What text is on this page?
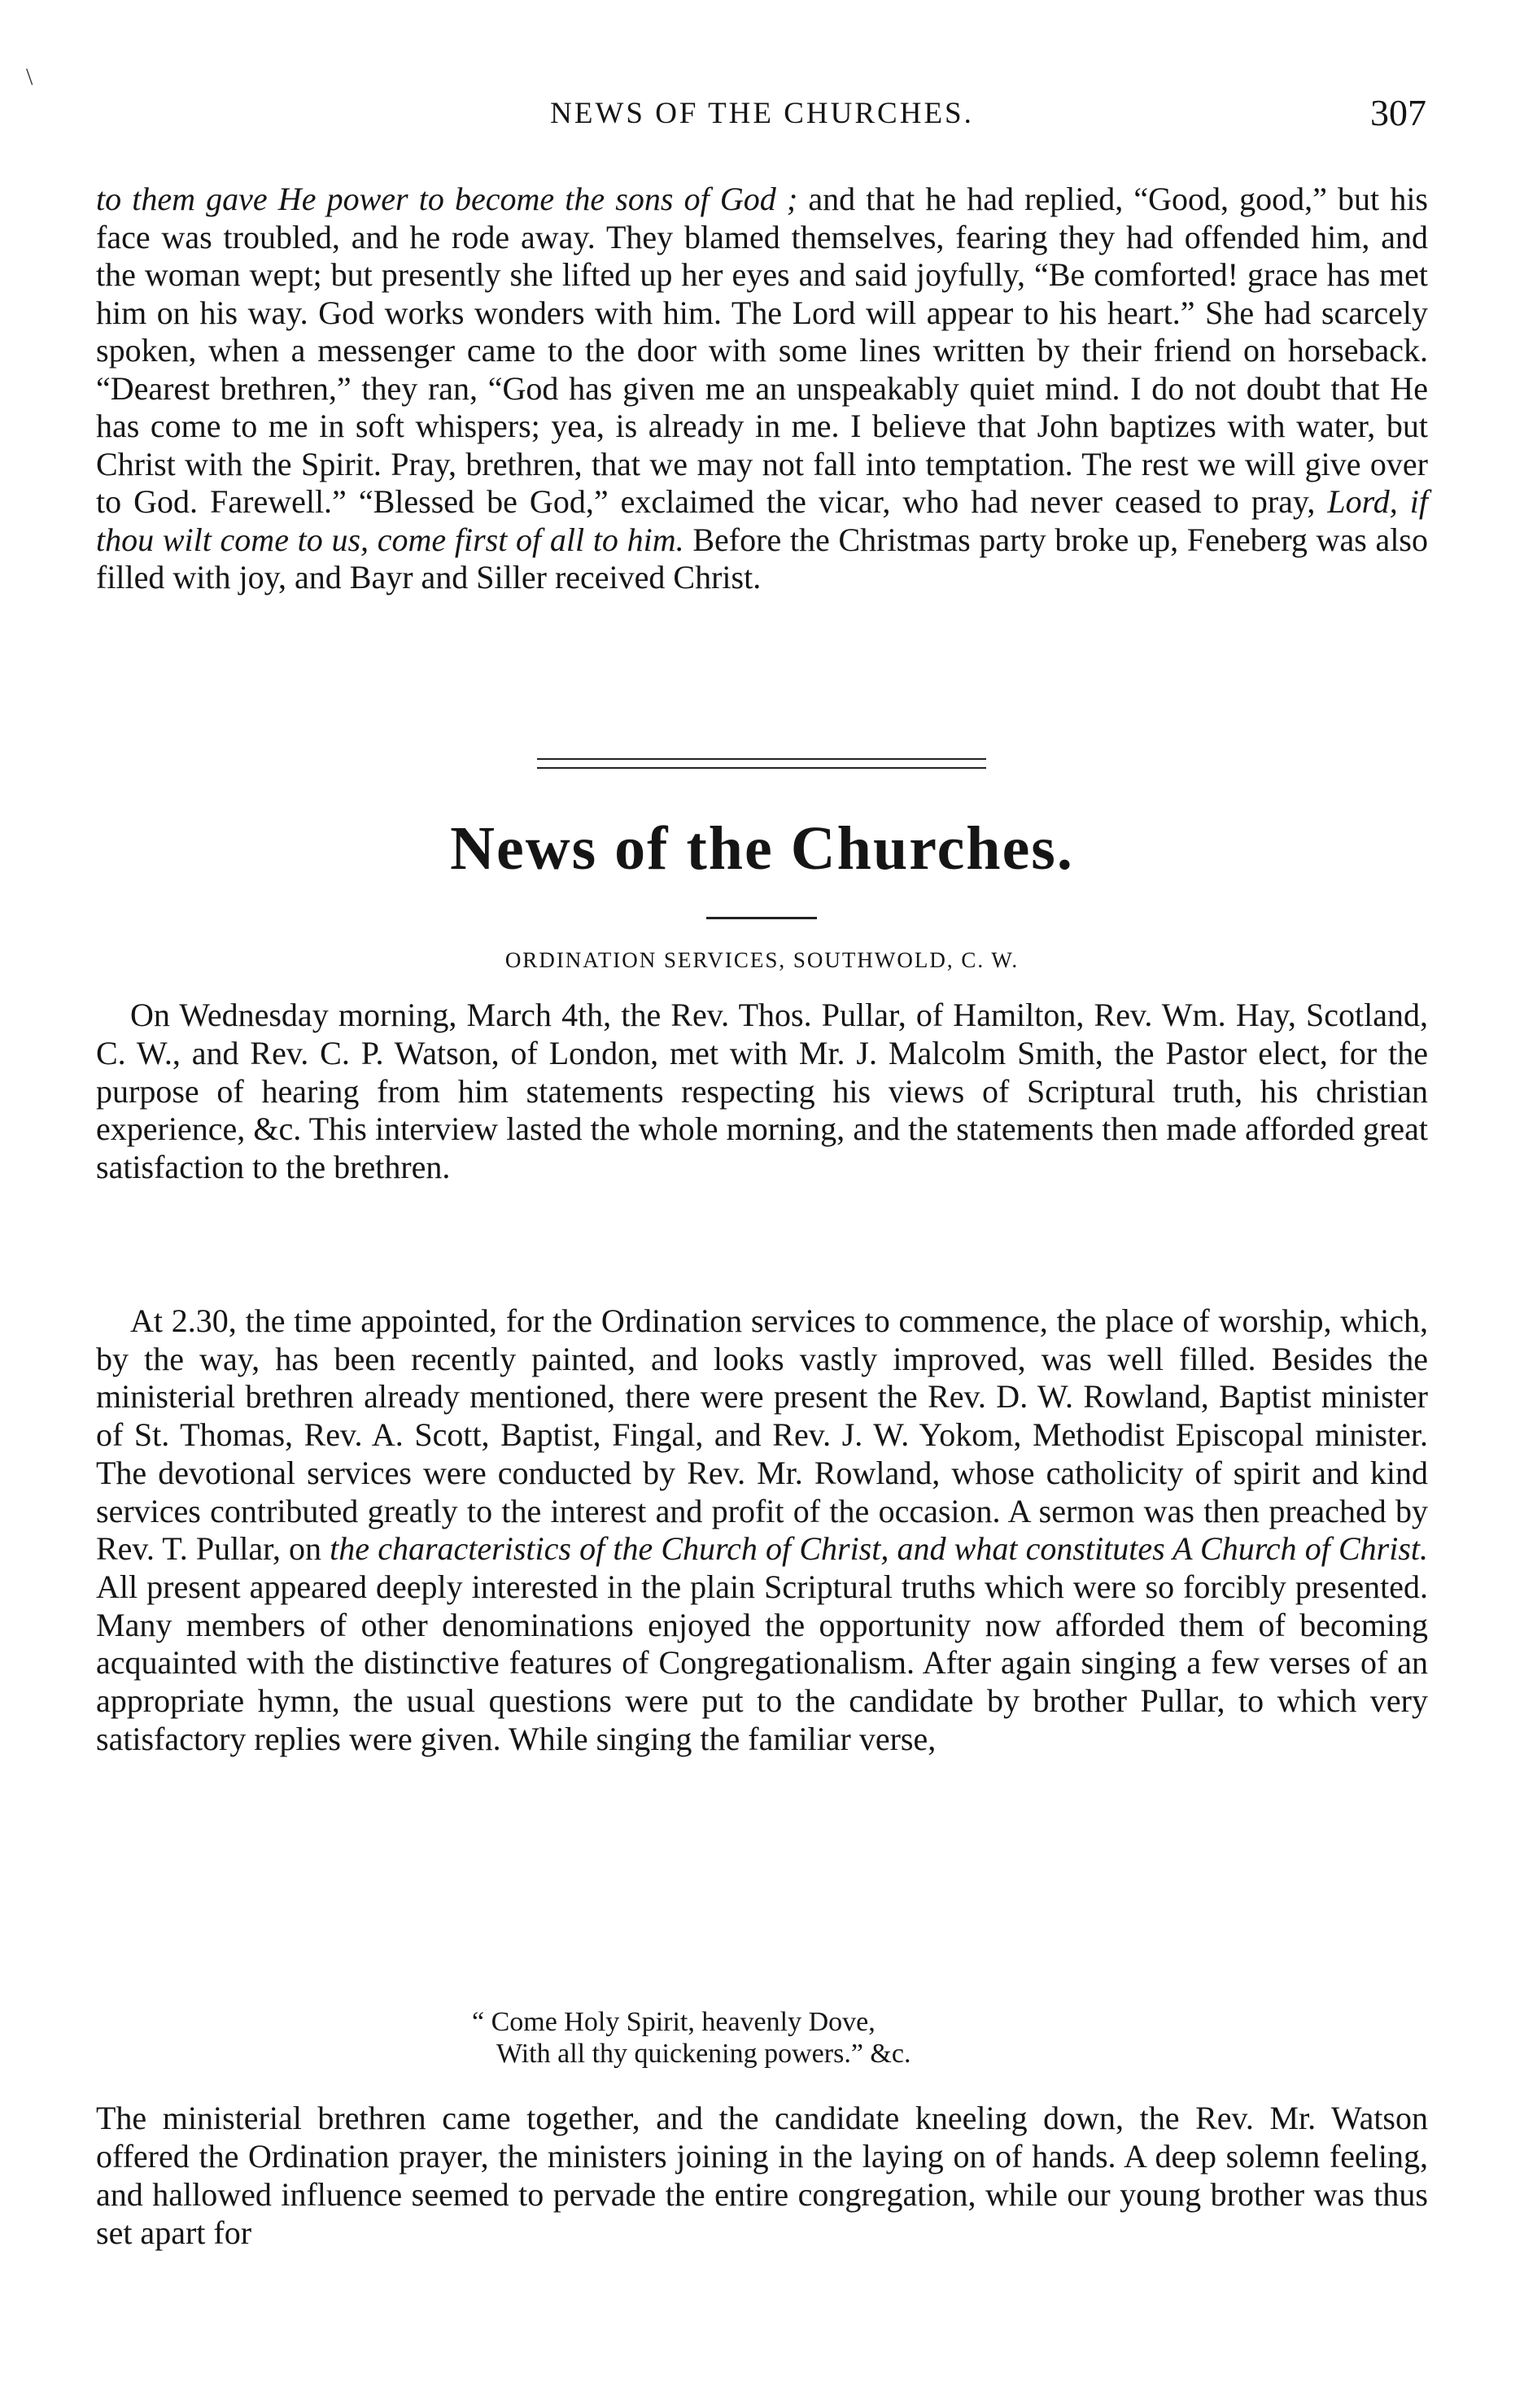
\
NEWS OF THE CHURCHES.	307

to them gave He power to become the sons of God ; and that he had replied, “Good, good,” but his face was troubled, and he rode away. They blamed themselves, fearing they had offended him, and the woman wept; but presently she lifted up her eyes and said joyfully, “Be comforted! grace has met him on his way. God works wonders with him. The Lord will appear to his heart.” She had scarcely spoken, when a messenger came to the door with some lines written by their friend on horseback. “Dearest brethren,” they ran, “God has given me an unspeakably quiet mind. I do not doubt that He has come to me in soft whispers; yea, is already in me. I believe that John baptizes with water, but Christ with the Spirit. Pray, brethren, that we may not fall into temptation. The rest we will give over to God. Farewell.” “Blessed be God,” exclaimed the vicar, who had never ceased to pray, Lord, if thou wilt come to us, come first of all to him. Before the Christmas party broke up, Feneberg was also filled with joy, and Bayr and Siller received Christ.

News of the Churches.
ORDINATION SERVICES, SOUTHWOLD, C. W.

On Wednesday morning, March 4th, the Rev. Thos. Pullar, of Hamilton, Rev. Wm. Hay, Scotland, C. W., and Rev. C. P. Watson, of London, met with Mr. J. Malcolm Smith, the Pastor elect, for the purpose of hearing from him statements respecting his views of Scriptural truth, his christian experience, &c. This interview lasted the whole morning, and the statements then made afforded great satisfaction to the brethren.

At 2.30, the time appointed, for the Ordination services to commence, the place of worship, which, by the way, has been recently painted, and looks vastly improved, was well filled. Besides the ministerial brethren already mentioned, there were present the Rev. D. W. Rowland, Baptist minister of St. Thomas, Rev. A. Scott, Baptist, Fingal, and Rev. J. W. Yokom, Methodist Episcopal minister. The devotional services were conducted by Rev. Mr. Rowland, whose catholicity of spirit and kind services contributed greatly to the interest and profit of the occasion. A sermon was then preached by Rev. T. Pullar, on the characteristics of the Church of Christ, and what constitutes A Church of Christ. All present appeared deeply interested in the plain Scriptural truths which were so forcibly presented. Many members of other denominations enjoyed the opportunity now afforded them of becoming acquainted with the distinctive features of Congregationalism. After again singing a few verses of an appropriate hymn, the usual questions were put to the candidate by brother Pullar, to which very satisfactory replies were given. While singing the familiar verse,

“ Come Holy Spirit, heavenly Dove,
With all thy quickening powers.” &c.

The ministerial brethren came together, and the candidate kneeling down, the Rev. Mr. Watson offered the Ordination prayer, the ministers joining in the laying on of hands. A deep solemn feeling, and hallowed influence seemed to pervade the entire congregation, while our young brother was thus set apart for
